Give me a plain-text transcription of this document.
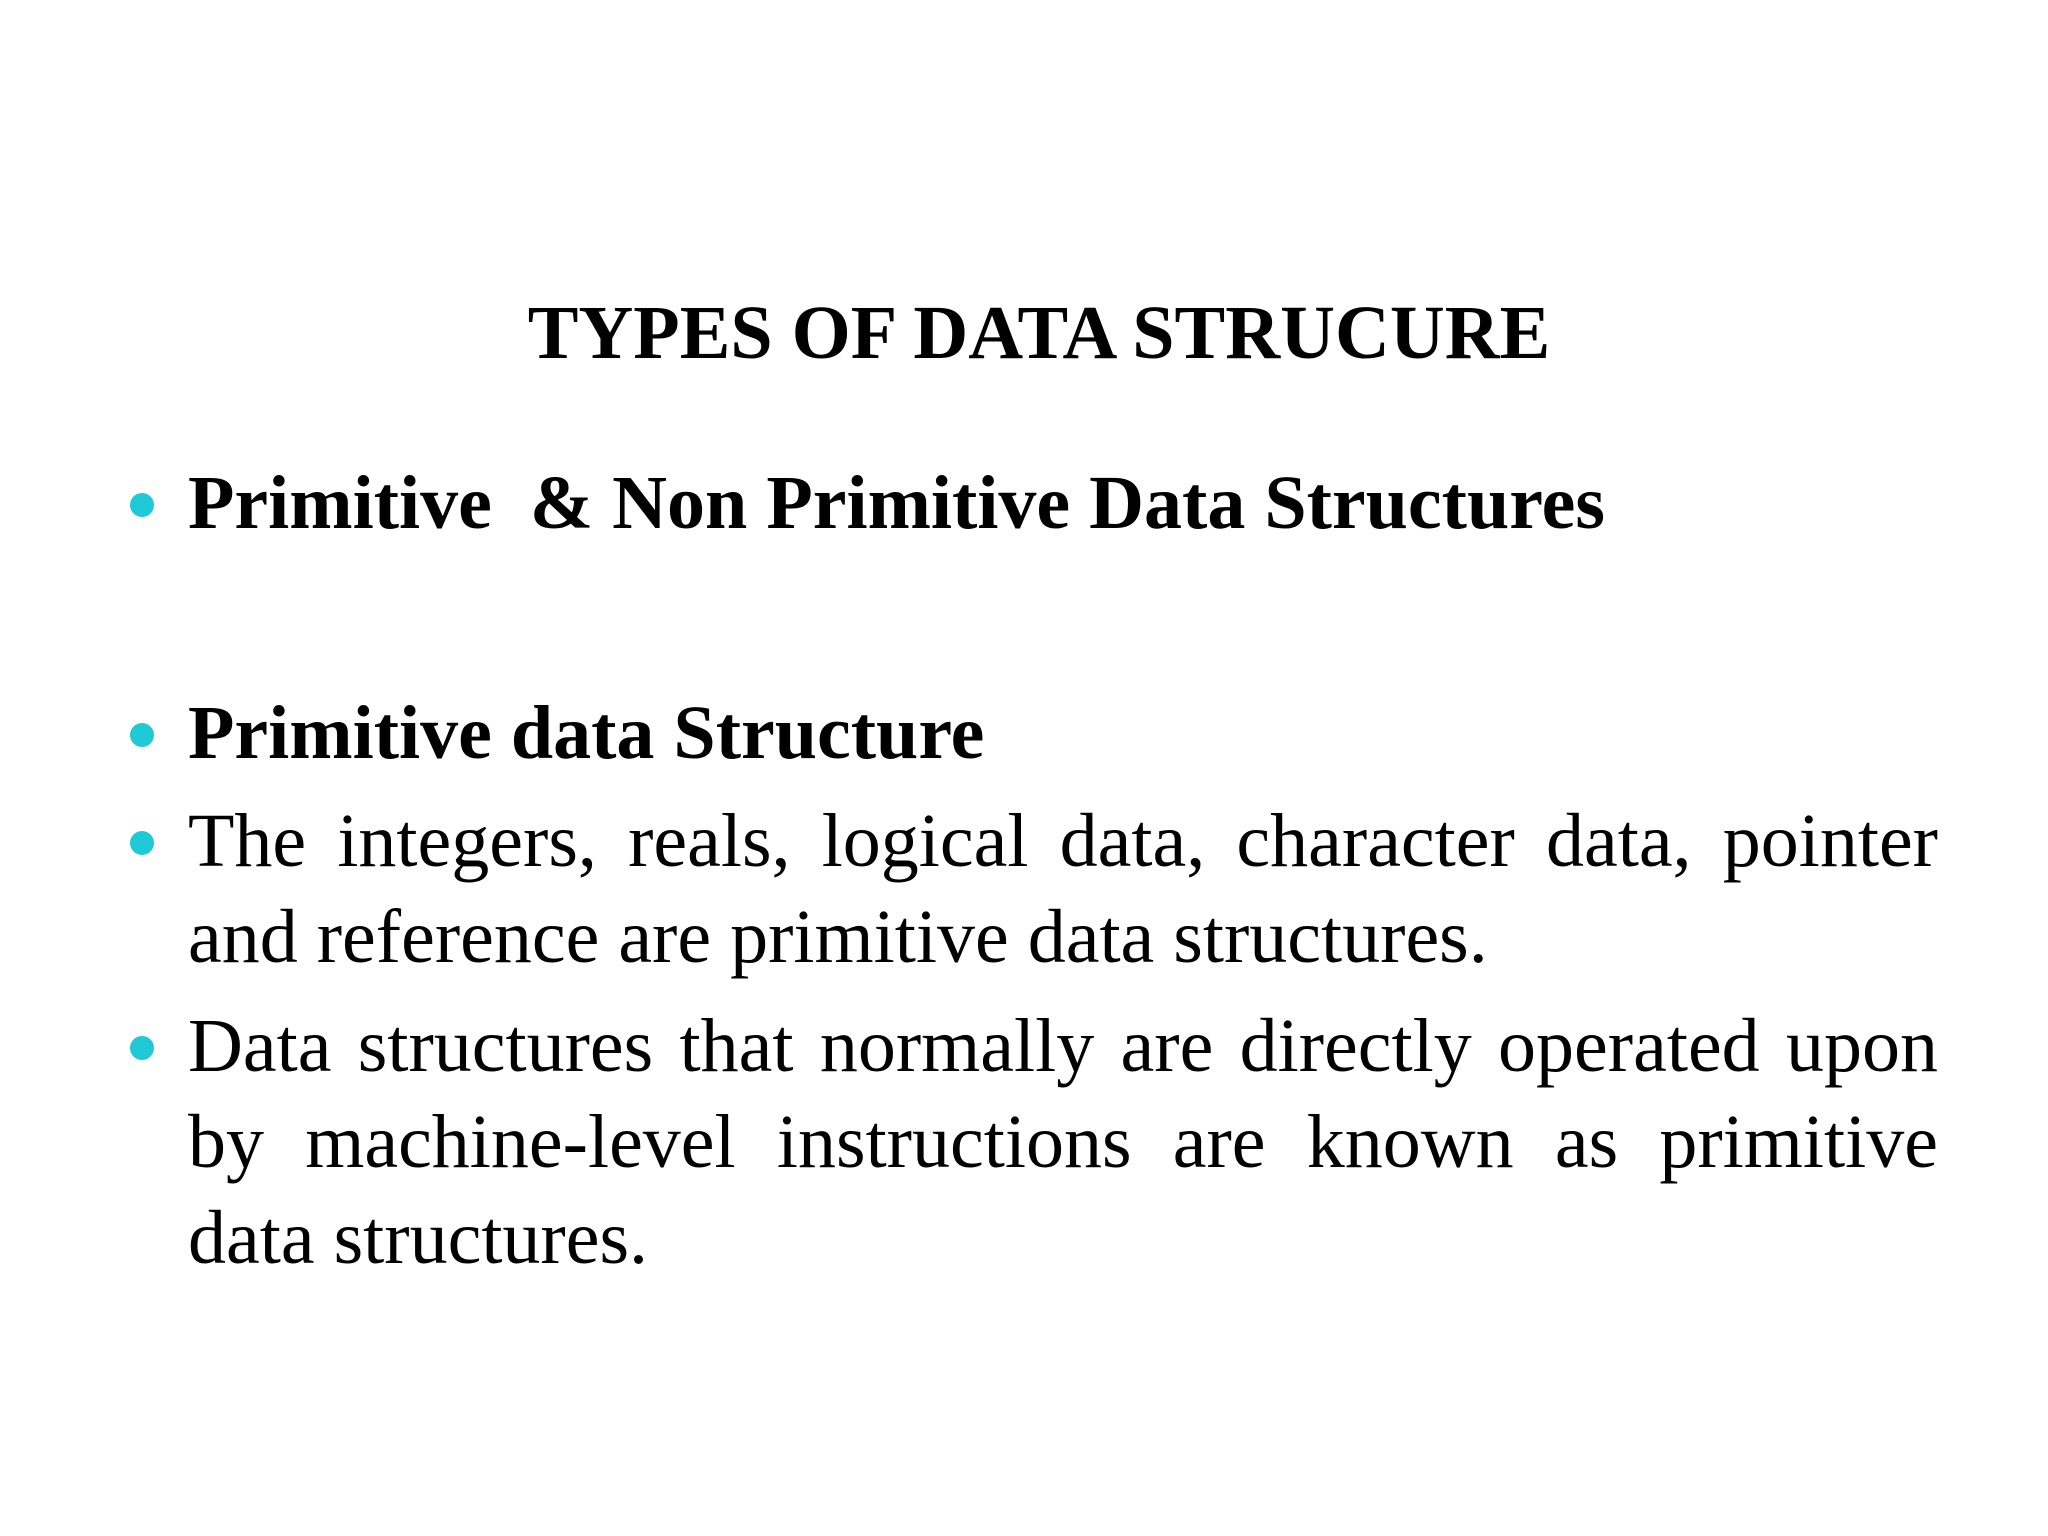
TYPES OF DATA STRUCURE
Primitive  & Non Primitive Data Structures
Primitive data Structure
The integers, reals, logical data, character data, pointer and reference are primitive data structures.
Data structures that normally are directly operated upon by machine-level instructions are known as primitive data structures.
